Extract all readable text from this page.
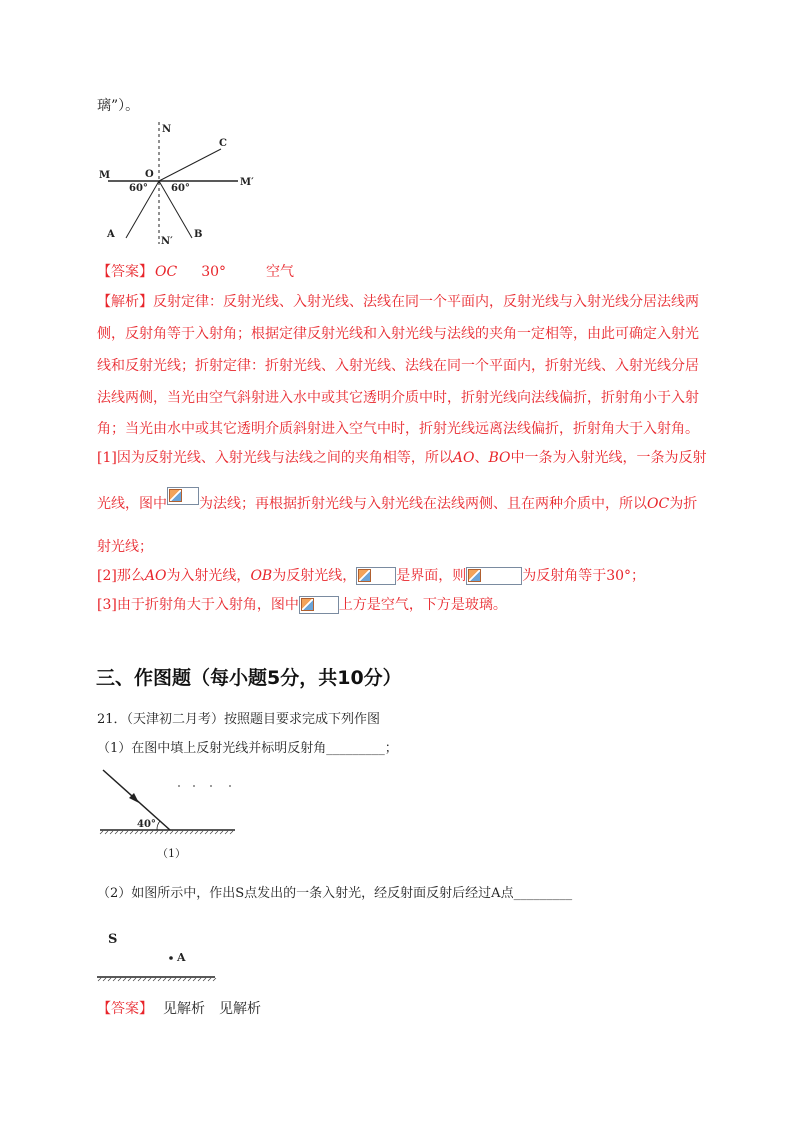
璃”）。
N
C
M	O
M′
60° 60°
A
N′
B
【答案】 OC 30°	空气
【解析】反射定律：反射光线、入射光线、法线在同一个平面内，反射光线与入射光线分居法线两
侧，反射角等于入射角；根据定律反射光线和入射光线与法线的夹角一定相等，由此可确定入射光
线和反射光线；折射定律：折射光线、入射光线、法线在同一个平面内，折射光线、入射光线分居
法线两侧，当光由空气斜射进入水中或其它透明介质中时，折射光线向法线偏折，折射角小于入射
角；当光由水中或其它透明介质斜射进入空气中时，折射光线远离法线偏折，折射角大于入射角。
[1]因为反射光线、入射光线与法线之间的夹角相等，所以AO、BO中一条为入射光线，一条为反射
光线，图中 为法线；再根据折射光线与入射光线在法线两侧、且在两种介质中，所以OC为折
射光线；
[2]那么AO为入射光线，OB为反射光线，	是界面，则	为反射角等于30°；
[3]由于折射角大于入射角，图中	上方是空气，下方是玻璃。
三、作图题（每小题5分，共10分）
21．（天津初二月考）按照题目要求完成下列作图
（1）在图中填上反射光线并标明反射角_________；
40°
（1）
（2）如图所示中，作出S点发出的一条入射光，经反射面反射后经过A点_________
S
A
【答案】 见解析 见解析
